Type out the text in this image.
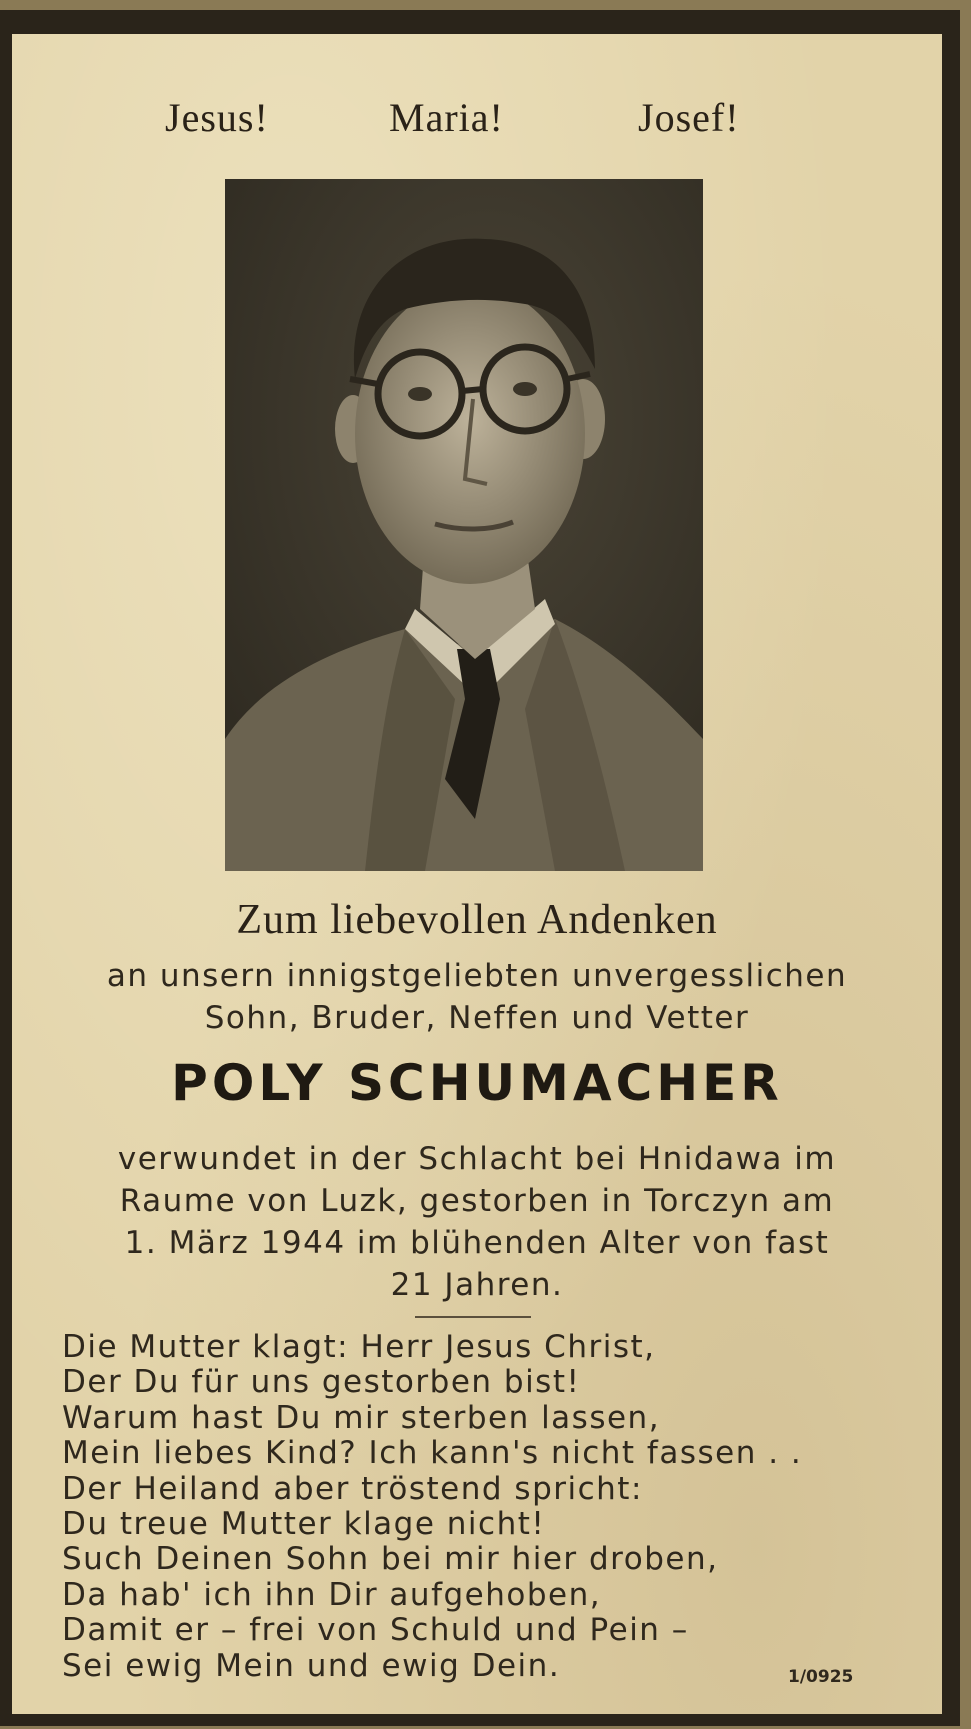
Jesus!	Maria!	Josef!
Zum liebevollen Andenken
an unsern innigstgeliebten unvergesslichen
Sohn, Bruder, Neffen und Vetter
POLY SCHUMACHER
verwundet in der Schlacht bei Hnidawa im
Raume von Luzk, gestorben in Torczyn am
1. März 1944 im blühenden Alter von fast
21 Jahren.
Die Mutter klagt: Herr Jesus Christ,
Der Du für uns gestorben bist!
Warum hast Du mir sterben lassen,
Mein liebes Kind? Ich kann's nicht fassen . .
Der Heiland aber tröstend spricht:
Du treue Mutter klage nicht!
Such Deinen Sohn bei mir hier droben,
Da hab' ich ihn Dir aufgehoben,
Damit er – frei von Schuld und Pein –
Sei ewig Mein und ewig Dein.	1/0925
